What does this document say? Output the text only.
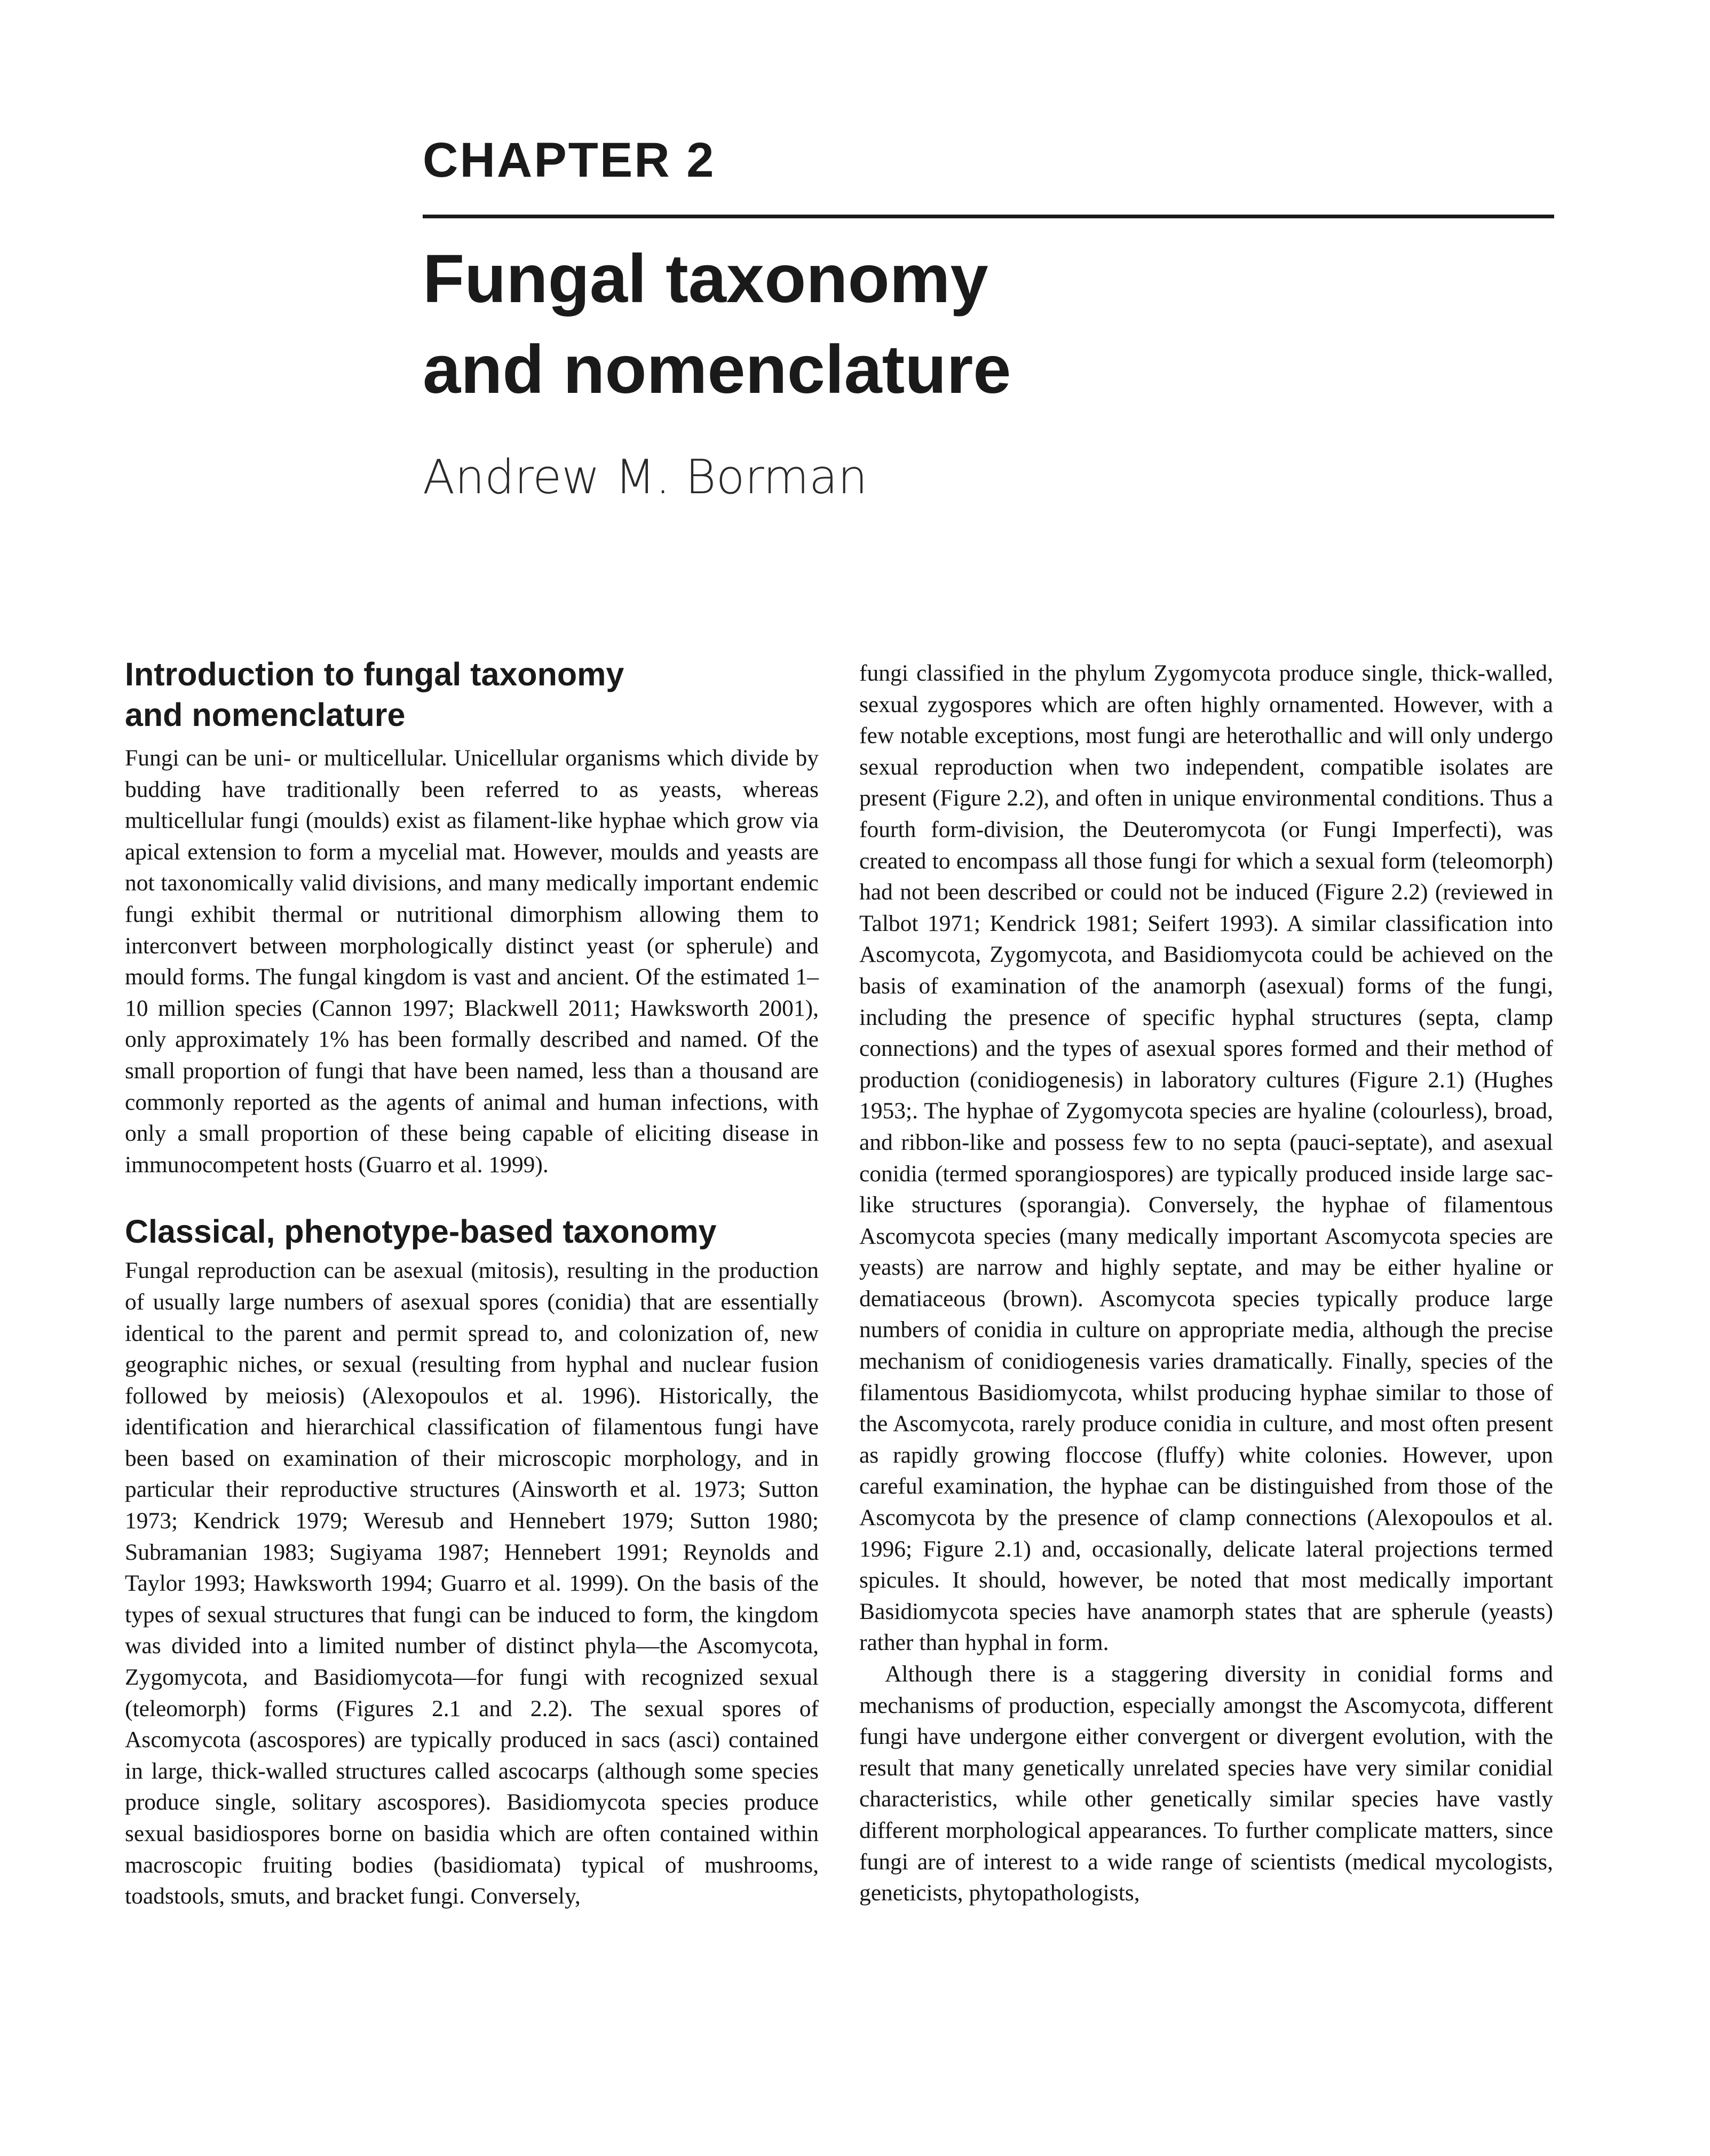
CHAPTER 2
Fungal taxonomy
and nomenclature
Andrew M. Borman
Introduction to fungal taxonomy
and nomenclature

Fungi can be uni- or multicellular. Unicellular organisms which divide by budding have traditionally been referred to as yeasts, whereas multicellular fungi (moulds) exist as filament-like hyphae which grow via apical extension to form a mycelial mat. However, moulds and yeasts are not taxonomically valid divisions, and many medically important endemic fungi exhibit thermal or nutritional dimorphism allowing them to interconvert between morphologically distinct yeast (or spherule) and mould forms. The fungal kingdom is vast and ancient. Of the estimated 1–10 million species (Cannon 1997; Blackwell 2011; Hawksworth 2001), only approximately 1% has been formally described and named. Of the small proportion of fungi that have been named, less than a thousand are commonly reported as the agents of animal and human infections, with only a small proportion of these being capable of eliciting disease in immunocompetent hosts (Guarro et al. 1999).

Classical, phenotype-based taxonomy

Fungal reproduction can be asexual (mitosis), resulting in the production of usually large numbers of asexual spores (conidia) that are essentially identical to the parent and permit spread to, and colonization of, new geographic niches, or sexual (resulting from hyphal and nuclear fusion followed by meiosis) (Alexopoulos et al. 1996). Historically, the identification and hierarchical classification of filamentous fungi have been based on examination of their microscopic morphology, and in particular their reproductive structures (Ainsworth et al. 1973; Sutton 1973; Kendrick 1979; Weresub and Hennebert 1979; Sutton 1980; Subramanian 1983; Sugiyama 1987; Hennebert 1991; Reynolds and Taylor 1993; Hawksworth 1994; Guarro et al. 1999). On the basis of the types of sexual structures that fungi can be induced to form, the kingdom was divided into a limited number of distinct phyla—the Ascomycota, Zygomycota, and Basidiomycota—for fungi with recognized sexual (teleomorph) forms (Figures 2.1 and 2.2). The sexual spores of Ascomycota (ascospores) are typically produced in sacs (asci) contained in large, thick-walled structures called ascocarps (although some species produce single, solitary ascospores). Basidiomycota species produce sexual basidiospores borne on basidia which are often contained within macroscopic fruiting bodies (basidiomata) typical of mushrooms, toadstools, smuts, and bracket fungi. Conversely,

fungi classified in the phylum Zygomycota produce single, thick-walled, sexual zygospores which are often highly ornamented. However, with a few notable exceptions, most fungi are heterothallic and will only undergo sexual reproduction when two independent, compatible isolates are present (Figure 2.2), and often in unique environmental conditions. Thus a fourth form-division, the Deuteromycota (or Fungi Imperfecti), was created to encompass all those fungi for which a sexual form (teleomorph) had not been described or could not be induced (Figure 2.2) (reviewed in Talbot 1971; Kendrick 1981; Seifert 1993). A similar classification into Ascomycota, Zygomycota, and Basidiomycota could be achieved on the basis of examination of the anamorph (asexual) forms of the fungi, including the presence of specific hyphal structures (septa, clamp connections) and the types of asexual spores formed and their method of production (conidiogenesis) in laboratory cultures (Figure 2.1) (Hughes 1953;. The hyphae of Zygomycota species are hyaline (colourless), broad, and ribbon-like and possess few to no septa (pauci-septate), and asexual conidia (termed sporangiospores) are typically produced inside large sac-like structures (sporangia). Conversely, the hyphae of filamentous Ascomycota species (many medically important Ascomycota species are yeasts) are narrow and highly septate, and may be either hyaline or dematiaceous (brown). Ascomycota species typically produce large numbers of conidia in culture on appropriate media, although the precise mechanism of conidiogenesis varies dramatically. Finally, species of the filamentous Basidiomycota, whilst producing hyphae similar to those of the Ascomycota, rarely produce conidia in culture, and most often present as rapidly growing floccose (fluffy) white colonies. However, upon careful examination, the hyphae can be distinguished from those of the Ascomycota by the presence of clamp connections (Alexopoulos et al. 1996; Figure 2.1) and, occasionally, delicate lateral projections termed spicules. It should, however, be noted that most medically important Basidiomycota species have anamorph states that are spherule (yeasts) rather than hyphal in form.

Although there is a staggering diversity in conidial forms and mechanisms of production, especially amongst the Ascomycota, different fungi have undergone either convergent or divergent evolution, with the result that many genetically unrelated species have very similar conidial characteristics, while other genetically similar species have vastly different morphological appearances. To further complicate matters, since fungi are of interest to a wide range of scientists (medical mycologists, geneticists, phytopathologists,
